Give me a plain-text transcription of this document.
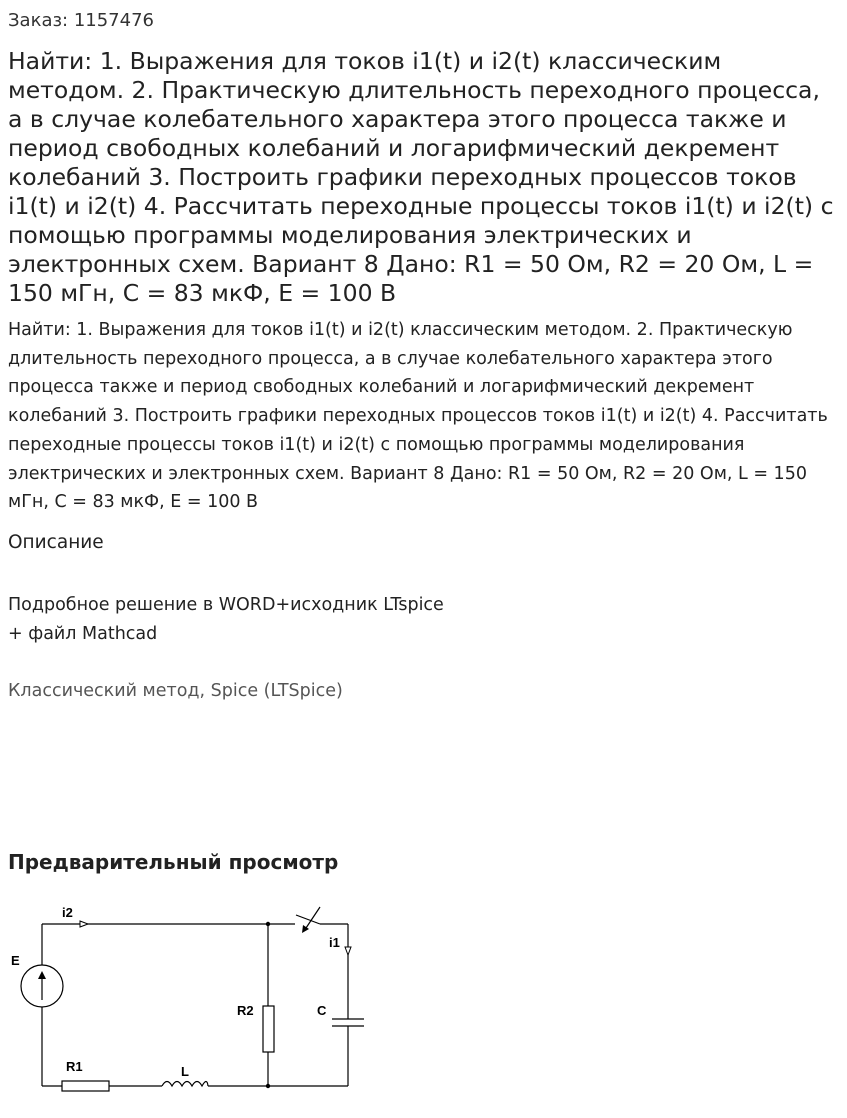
Заказ: 1157476
Найти: 1. Выражения для токов i1(t) и i2(t) классическим методом. 2. Практическую длительность переходного процесса, а в случае колебательного характера этого процесса также и период свободных колебаний и логарифмический декремент колебаний 3. Построить графики переходных процессов токов i1(t) и i2(t) 4. Рассчитать переходные процессы токов i1(t) и i2(t) с помощью программы моделирования электрических и электронных схем. Вариант 8 Дано: R1 = 50 Ом, R2 = 20 Ом, L = 150 мГн, С = 83 мкФ, Е = 100 В

Найти: 1. Выражения для токов i1(t) и i2(t) классическим методом. 2. Практическую длительность переходного процесса, а в случае колебательного характера этого процесса также и период свободных колебаний и логарифмический декремент колебаний 3. Построить графики переходных процессов токов i1(t) и i2(t) 4. Рассчитать переходные процессы токов i1(t) и i2(t) с помощью программы моделирования электрических и электронных схем. Вариант 8 Дано: R1 = 50 Ом, R2 = 20 Ом, L = 150 мГн, С = 83 мкФ, Е = 100 В

Описание
Подробное решение в WORD+исходник LTspice
+ файл Mathcad

Классический метод, Spice (LTSpice)

Предварительный просмотр
i2
i1
E
R1
R2
L
C
